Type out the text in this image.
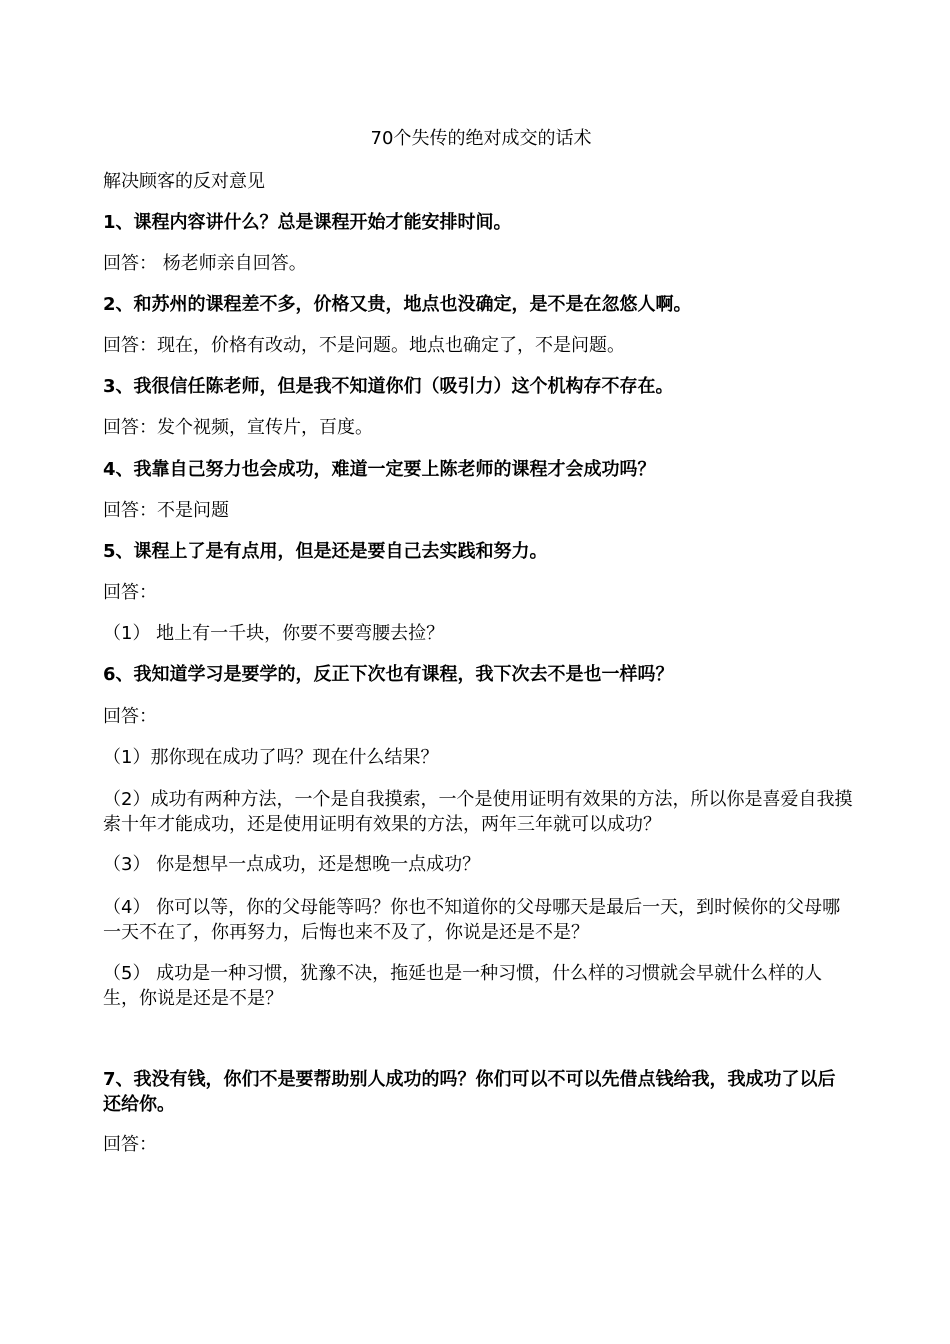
70个失传的绝对成交的话术
解决顾客的反对意见
1、课程内容讲什么？总是课程开始才能安排时间。
回答： 杨老师亲自回答。
2、和苏州的课程差不多，价格又贵，地点也没确定，是不是在忽悠人啊。
回答：现在，价格有改动，不是问题。地点也确定了，不是问题。
3、我很信任陈老师，但是我不知道你们（吸引力）这个机构存不存在。
回答：发个视频，宣传片，百度。
4、我靠自己努力也会成功，难道一定要上陈老师的课程才会成功吗？
回答：不是问题
5、课程上了是有点用，但是还是要自己去实践和努力。
回答：
（1） 地上有一千块，你要不要弯腰去捡？
6、我知道学习是要学的，反正下次也有课程，我下次去不是也一样吗？
回答：
（1）那你现在成功了吗？现在什么结果？
（2）成功有两种方法，一个是自我摸索，一个是使用证明有效果的方法，所以你是喜爱自我摸索十年才能成功，还是使用证明有效果的方法，两年三年就可以成功？
（3） 你是想早一点成功，还是想晚一点成功？
（4） 你可以等，你的父母能等吗？你也不知道你的父母哪天是最后一天，到时候你的父母哪一天不在了，你再努力，后悔也来不及了，你说是还是不是？
（5） 成功是一种习惯，犹豫不决，拖延也是一种习惯，什么样的习惯就会早就什么样的人生，你说是还是不是？
7、我没有钱，你们不是要帮助别人成功的吗？你们可以不可以先借点钱给我，我成功了以后还给你。
回答：
